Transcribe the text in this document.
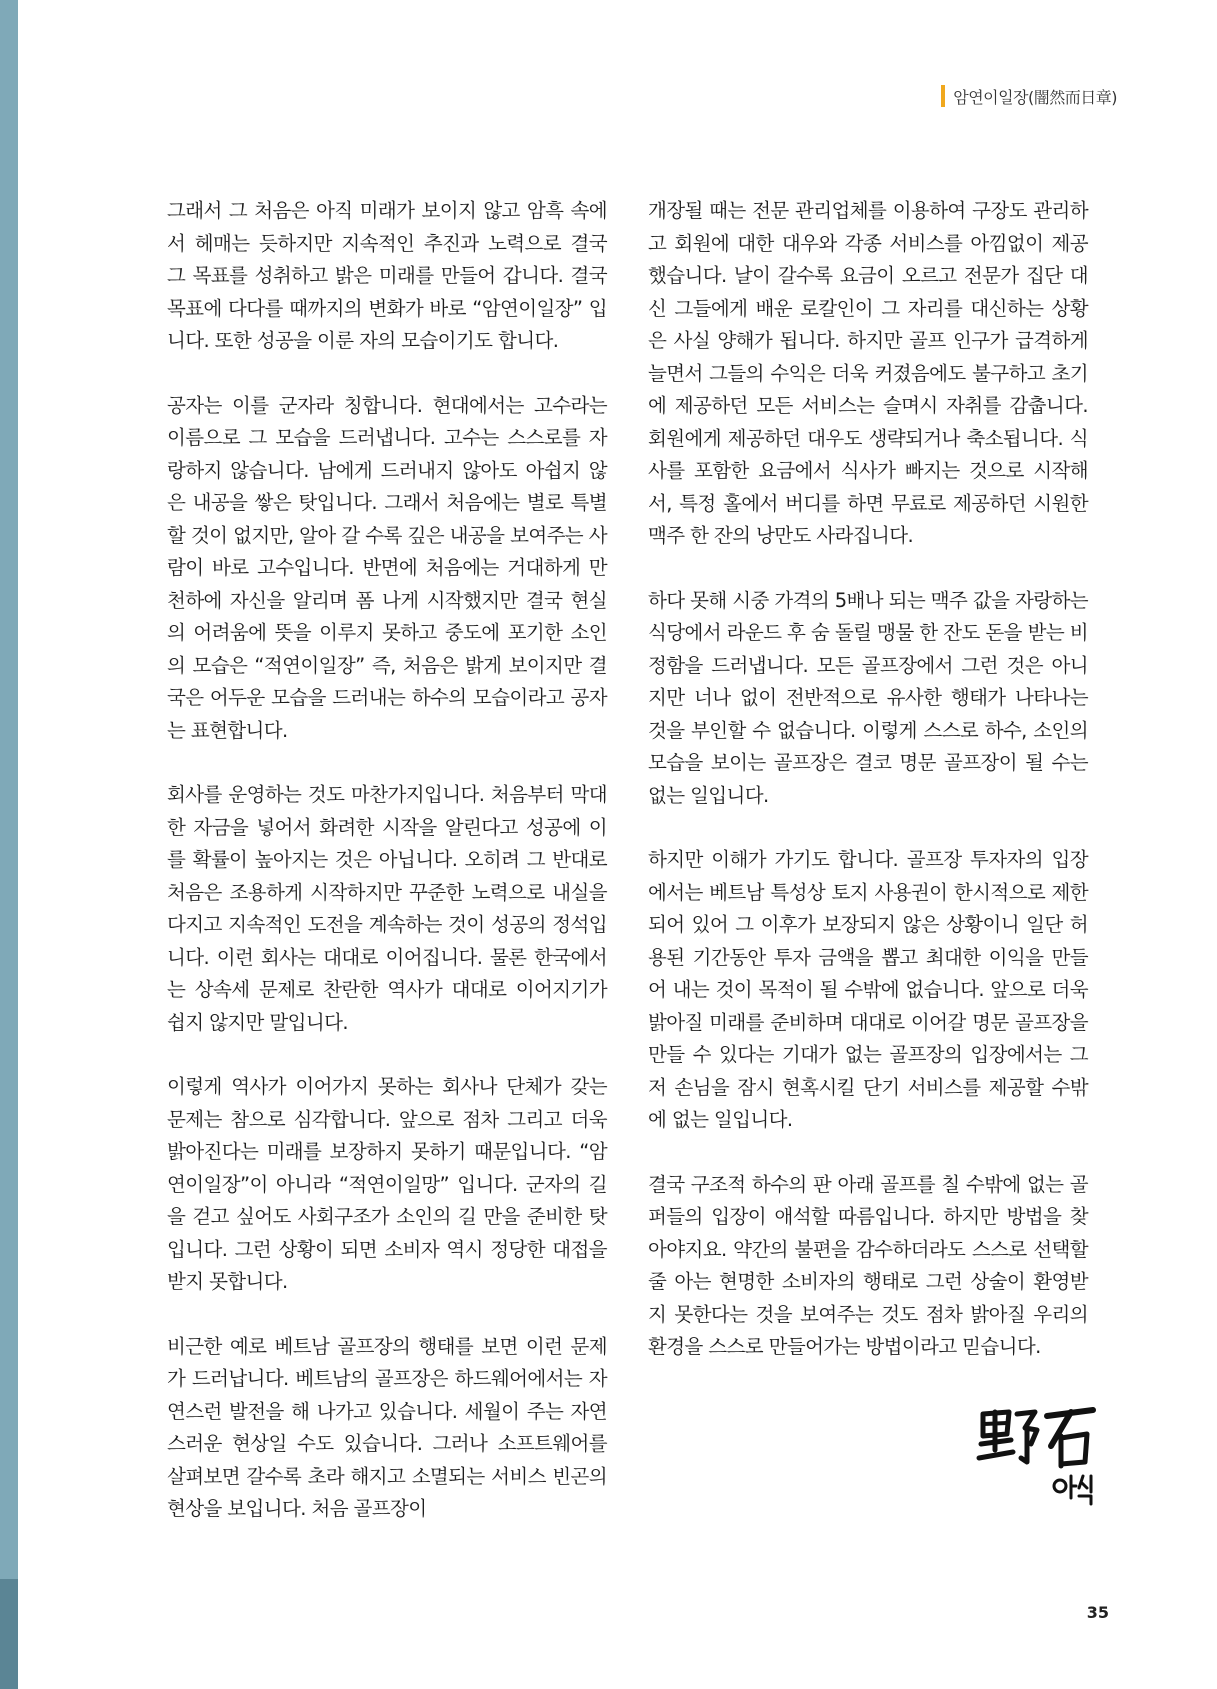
암연이일장(闇然而日章)

그래서 그 처음은 아직 미래가 보이지 않고 암흑 속에서 헤매는 듯하지만 지속적인 추진과 노력으로 결국 그 목표를 성취하고 밝은 미래를 만들어 갑니다. 결국 목표에 다다를 때까지의 변화가 바로 “암연이일장” 입니다. 또한 성공을 이룬 자의 모습이기도 합니다.

공자는 이를 군자라 칭합니다. 현대에서는 고수라는 이름으로 그 모습을 드러냅니다. 고수는 스스로를 자랑하지 않습니다. 남에게 드러내지 않아도 아쉽지 않은 내공을 쌓은 탓입니다. 그래서 처음에는 별로 특별할 것이 없지만, 알아 갈 수록 깊은 내공을 보여주는 사람이 바로 고수입니다. 반면에 처음에는 거대하게 만천하에 자신을 알리며 폼 나게 시작했지만 결국 현실의 어려움에 뜻을 이루지 못하고 중도에 포기한 소인의 모습은 “적연이일장” 즉, 처음은 밝게 보이지만 결국은 어두운 모습을 드러내는 하수의 모습이라고 공자는 표현합니다.

회사를 운영하는 것도 마찬가지입니다. 처음부터 막대한 자금을 넣어서 화려한 시작을 알린다고 성공에 이를 확률이 높아지는 것은 아닙니다. 오히려 그 반대로 처음은 조용하게 시작하지만 꾸준한 노력으로 내실을 다지고 지속적인 도전을 계속하는 것이 성공의 정석입니다. 이런 회사는 대대로 이어집니다. 물론 한국에서는 상속세 문제로 찬란한 역사가 대대로 이어지기가 쉽지 않지만 말입니다.

이렇게 역사가 이어가지 못하는 회사나 단체가 갖는 문제는 참으로 심각합니다. 앞으로 점차 그리고 더욱 밝아진다는 미래를 보장하지 못하기 때문입니다. “암연이일장”이 아니라 “적연이일망” 입니다. 군자의 길을 걷고 싶어도 사회구조가 소인의 길 만을 준비한 탓입니다. 그런 상황이 되면 소비자 역시 정당한 대접을 받지 못합니다.

비근한 예로 베트남 골프장의 행태를 보면 이런 문제가 드러납니다. 베트남의 골프장은 하드웨어에서는 자연스런 발전을 해 나가고 있습니다. 세월이 주는 자연스러운 현상일 수도 있습니다. 그러나 소프트웨어를 살펴보면 갈수록 초라 해지고 소멸되는 서비스 빈곤의 현상을 보입니다. 처음 골프장이

개장될 때는 전문 관리업체를 이용하여 구장도 관리하고 회원에 대한 대우와 각종 서비스를 아낌없이 제공했습니다. 날이 갈수록 요금이 오르고 전문가 집단 대신 그들에게 배운 로칼인이 그 자리를 대신하는 상황은 사실 양해가 됩니다. 하지만 골프 인구가 급격하게 늘면서 그들의 수익은 더욱 커졌음에도 불구하고 초기에 제공하던 모든 서비스는 슬며시 자취를 감춥니다. 회원에게 제공하던 대우도 생략되거나 축소됩니다. 식사를 포함한 요금에서 식사가 빠지는 것으로 시작해서, 특정 홀에서 버디를 하면 무료로 제공하던 시원한 맥주 한 잔의 낭만도 사라집니다.

하다 못해 시중 가격의 5배나 되는 맥주 값을 자랑하는 식당에서 라운드 후 숨 돌릴 맹물 한 잔도 돈을 받는 비정함을 드러냅니다. 모든 골프장에서 그런 것은 아니지만 너나 없이 전반적으로 유사한 행태가 나타나는 것을 부인할 수 없습니다. 이렇게 스스로 하수, 소인의 모습을 보이는 골프장은 결코 명문 골프장이 될 수는 없는 일입니다.

하지만 이해가 가기도 합니다. 골프장 투자자의 입장에서는 베트남 특성상 토지 사용권이 한시적으로 제한되어 있어 그 이후가 보장되지 않은 상황이니 일단 허용된 기간동안 투자 금액을 뽑고 최대한 이익을 만들어 내는 것이 목적이 될 수밖에 없습니다. 앞으로 더욱 밝아질 미래를 준비하며 대대로 이어갈 명문 골프장을 만들 수 있다는 기대가 없는 골프장의 입장에서는 그저 손님을 잠시 현혹시킬 단기 서비스를 제공할 수밖에 없는 일입니다.

결국 구조적 하수의 판 아래 골프를 칠 수밖에 없는 골퍼들의 입장이 애석할 따름입니다. 하지만 방법을 찾아야지요. 약간의 불편을 감수하더라도 스스로 선택할 줄 아는 현명한 소비자의 행태로 그런 상술이 환영받지 못한다는 것을 보여주는 것도 점차 밝아질 우리의 환경을 스스로 만들어가는 방법이라고 믿습니다.

35
